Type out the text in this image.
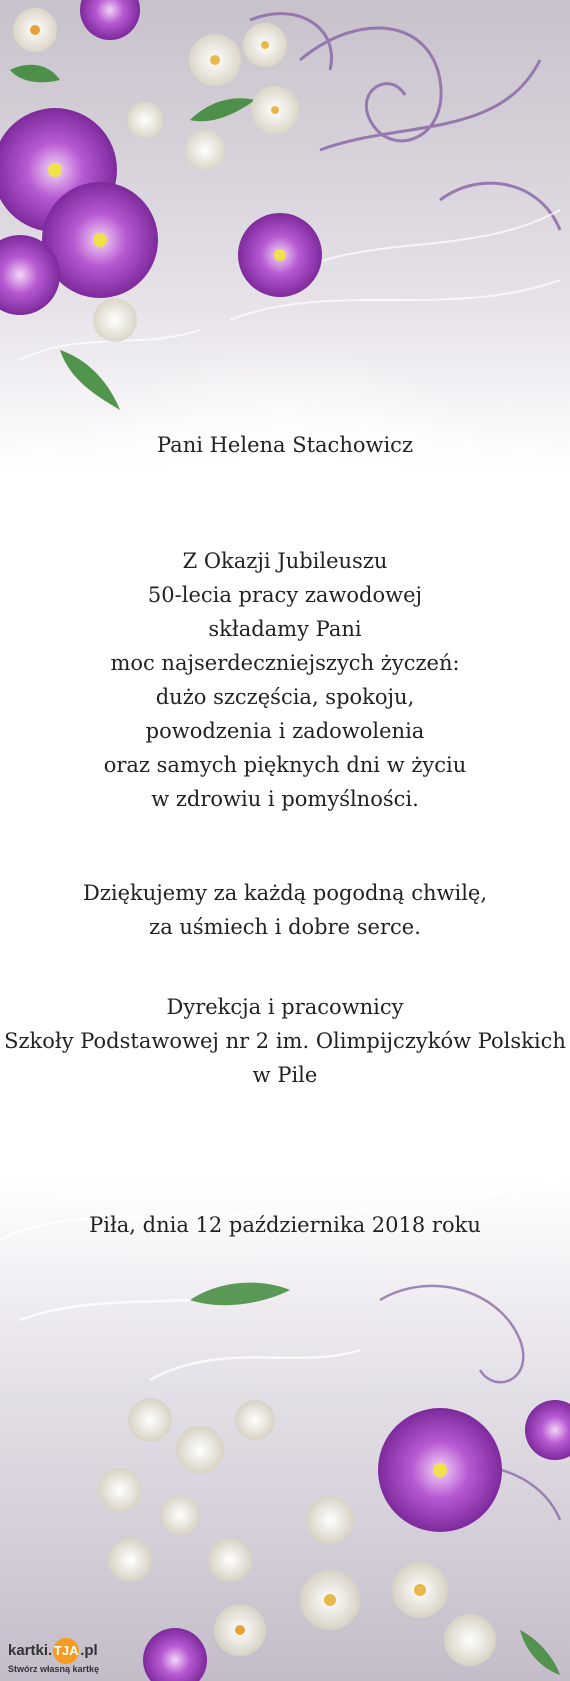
Pani Helena Stachowicz
Z Okazji Jubileuszu
50-lecia pracy zawodowej
składamy Pani
moc najserdeczniejszych życzeń:
dużo szczęścia, spokoju,
powodzenia i zadowolenia
oraz samych pięknych dni w życiu
w zdrowiu i pomyślności.
Dziękujemy za każdą pogodną chwilę,
za uśmiech i dobre serce.
Dyrekcja i pracownicy
Szkoły Podstawowej nr 2 im. Olimpijczyków Polskich
w Pile
Piła, dnia 12 października 2018 roku
kartki. TJA .pl
Stwórz własną kartkę
